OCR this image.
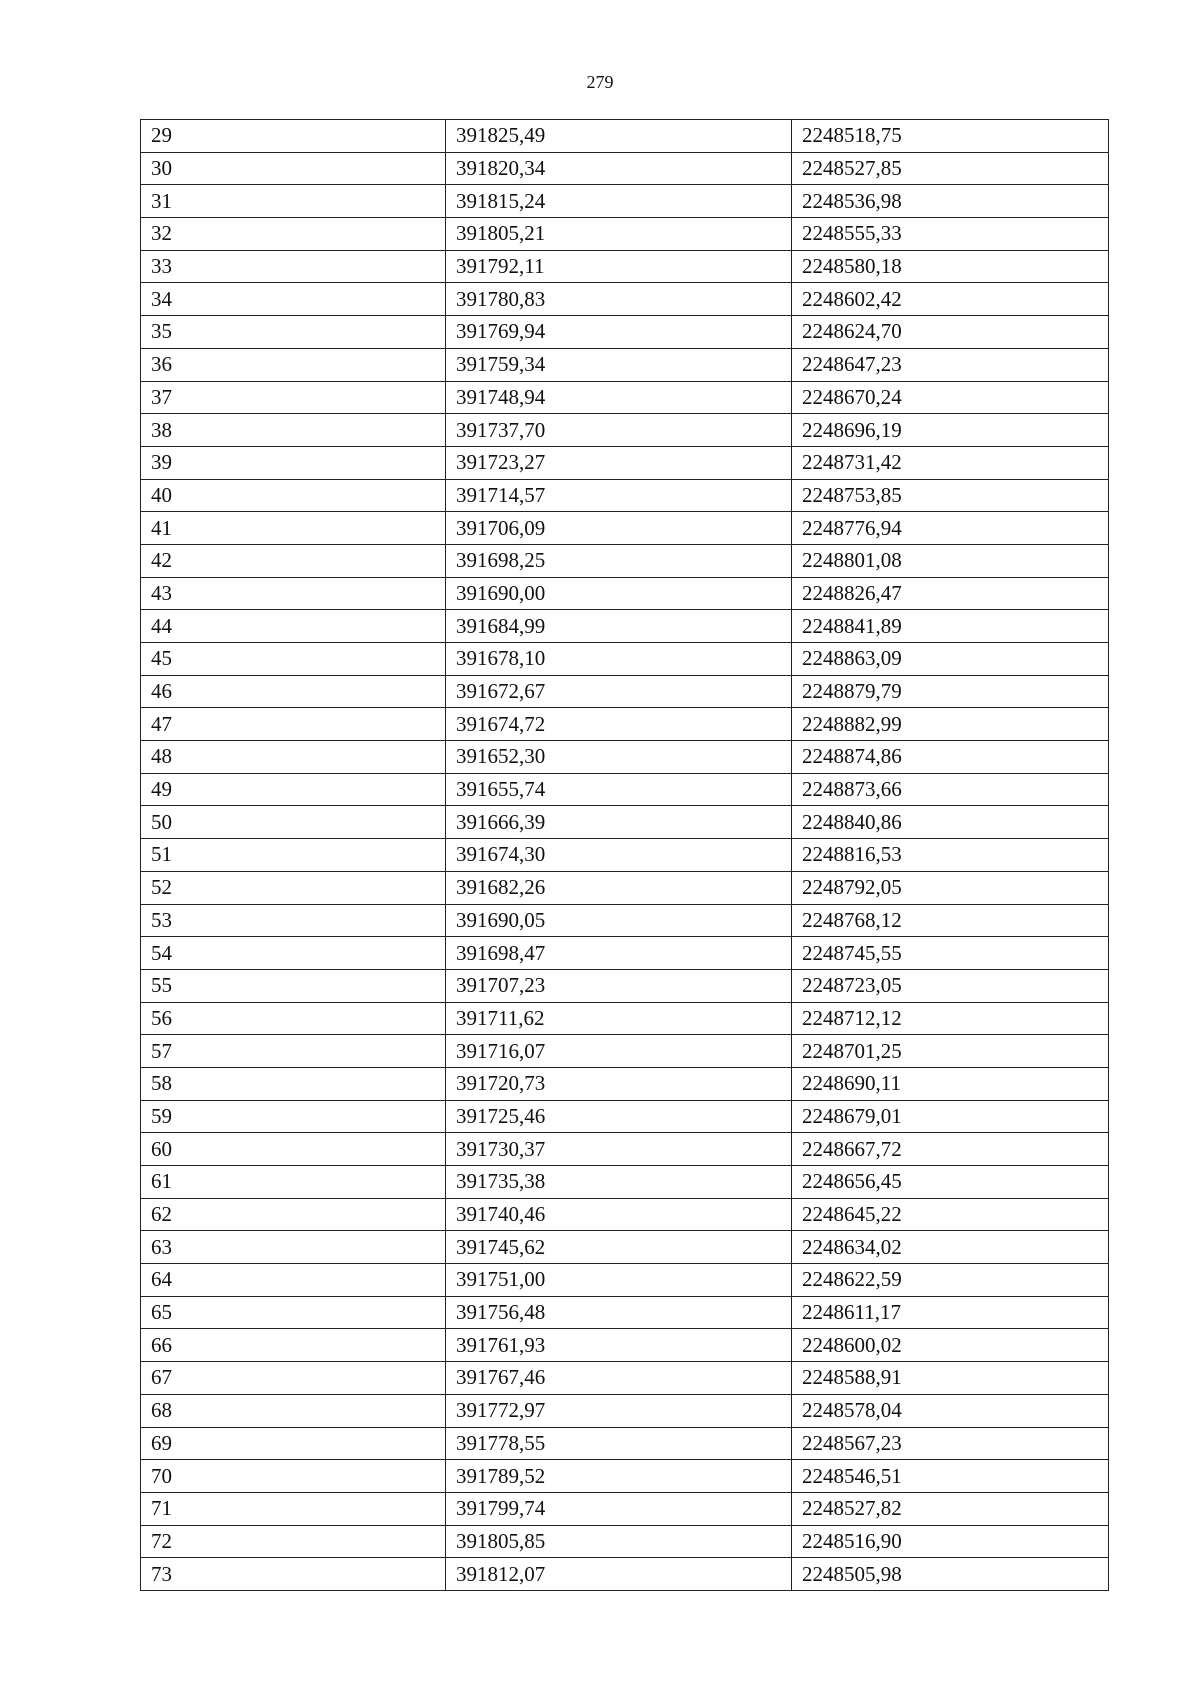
279
29	391825,49	2248518,75
30	391820,34	2248527,85
31	391815,24	2248536,98
32	391805,21	2248555,33
33	391792,11	2248580,18
34	391780,83	2248602,42
35	391769,94	2248624,70
36	391759,34	2248647,23
37	391748,94	2248670,24
38	391737,70	2248696,19
39	391723,27	2248731,42
40	391714,57	2248753,85
41	391706,09	2248776,94
42	391698,25	2248801,08
43	391690,00	2248826,47
44	391684,99	2248841,89
45	391678,10	2248863,09
46	391672,67	2248879,79
47	391674,72	2248882,99
48	391652,30	2248874,86
49	391655,74	2248873,66
50	391666,39	2248840,86
51	391674,30	2248816,53
52	391682,26	2248792,05
53	391690,05	2248768,12
54	391698,47	2248745,55
55	391707,23	2248723,05
56	391711,62	2248712,12
57	391716,07	2248701,25
58	391720,73	2248690,11
59	391725,46	2248679,01
60	391730,37	2248667,72
61	391735,38	2248656,45
62	391740,46	2248645,22
63	391745,62	2248634,02
64	391751,00	2248622,59
65	391756,48	2248611,17
66	391761,93	2248600,02
67	391767,46	2248588,91
68	391772,97	2248578,04
69	391778,55	2248567,23
70	391789,52	2248546,51
71	391799,74	2248527,82
72	391805,85	2248516,90
73	391812,07	2248505,98
